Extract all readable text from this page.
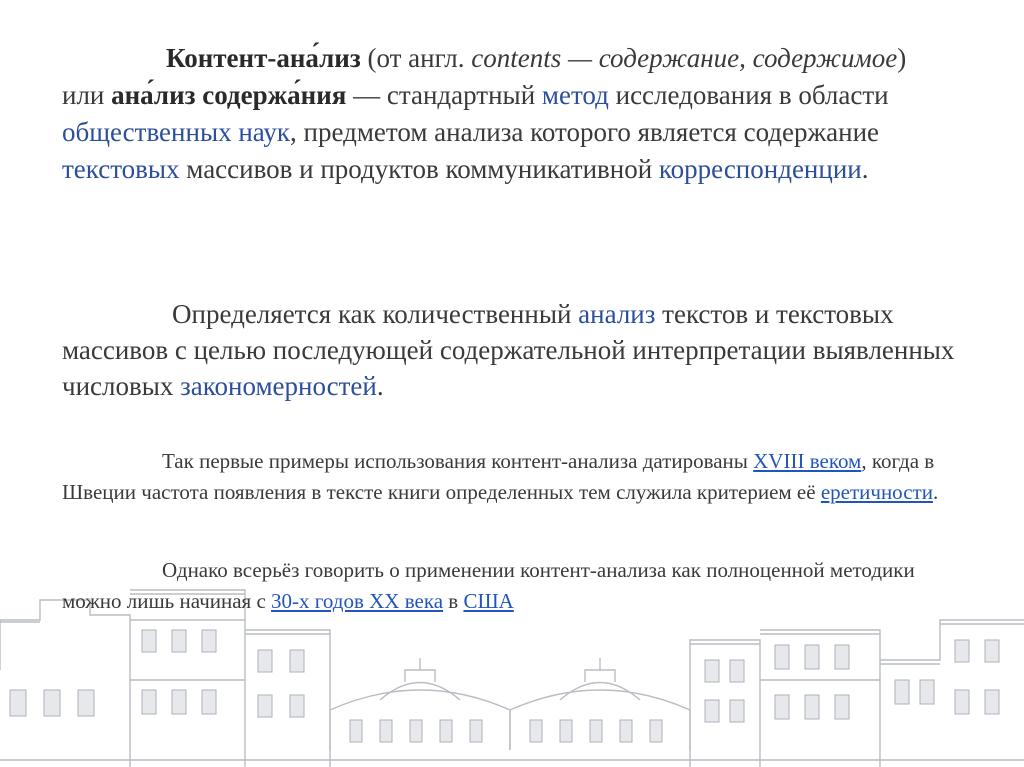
Контент-ана́лиз (от англ. contents — содержание, содержимое) или ана́лиз содержа́ния — стандартный метод исследования в области общественных наук, предметом анализа которого является содержание текстовых массивов и продуктов коммуникативной корреспонденции.

Определяется как количественный анализ текстов и текстовых массивов с целью последующей содержательной интерпретации выявленных числовых закономерностей.

Так первые примеры использования контент-анализа датированы XVIII веком, когда в Швеции частота появления в тексте книги определенных тем служила критерием её еретичности.

Однако всерьёз говорить о применении контент-анализа как полноценной методики можно лишь начиная с 30-х годов XX века в США
